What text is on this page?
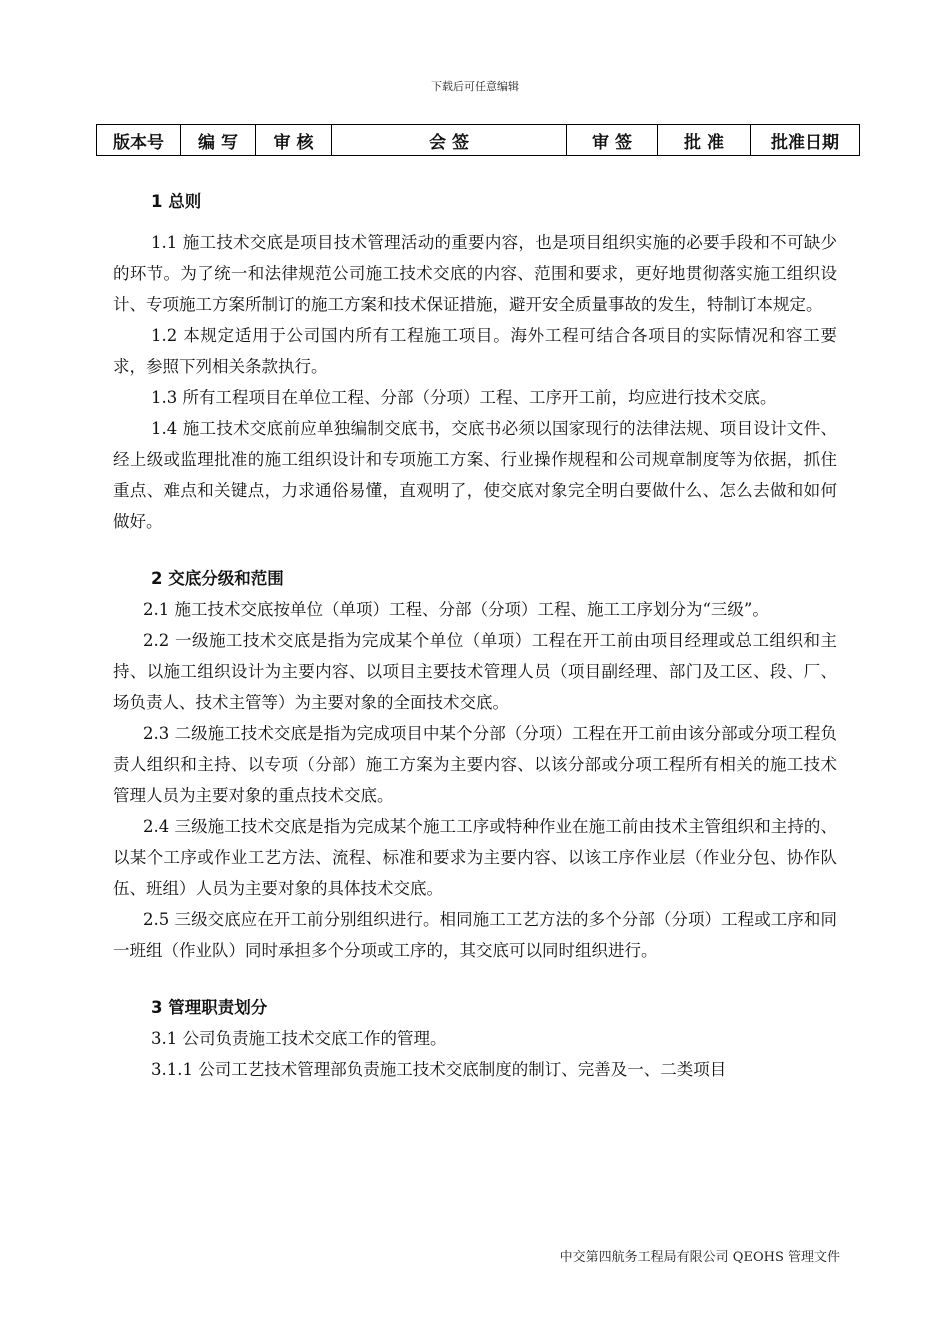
下载后可任意编辑
版本号	编 写	审 核	会 签	审 签	批 准	批准日期

1 总则

1.1 施工技术交底是项目技术管理活动的重要内容，也是项目组织实施的必要手段和不可缺少的环节。为了统一和法律规范公司施工技术交底的内容、范围和要求，更好地贯彻落实施工组织设计、专项施工方案所制订的施工方案和技术保证措施，避开安全质量事故的发生，特制订本规定。

1.2 本规定适用于公司国内所有工程施工项目。海外工程可结合各项目的实际情况和容工要求，参照下列相关条款执行。

1.3 所有工程项目在单位工程、分部（分项）工程、工序开工前，均应进行技术交底。

1.4 施工技术交底前应单独编制交底书，交底书必须以国家现行的法律法规、项目设计文件、经上级或监理批准的施工组织设计和专项施工方案、行业操作规程和公司规章制度等为依据，抓住重点、难点和关键点，力求通俗易懂，直观明了，使交底对象完全明白要做什么、怎么去做和如何做好。

2 交底分级和范围

2.1 施工技术交底按单位（单项）工程、分部（分项）工程、施工工序划分为“三级”。

2.2 一级施工技术交底是指为完成某个单位（单项）工程在开工前由项目经理或总工组织和主持、以施工组织设计为主要内容、以项目主要技术管理人员（项目副经理、部门及工区、段、厂、场负责人、技术主管等）为主要对象的全面技术交底。

2.3 二级施工技术交底是指为完成项目中某个分部（分项）工程在开工前由该分部或分项工程负责人组织和主持、以专项（分部）施工方案为主要内容、以该分部或分项工程所有相关的施工技术管理人员为主要对象的重点技术交底。

2.4 三级施工技术交底是指为完成某个施工工序或特种作业在施工前由技术主管组织和主持的、以某个工序或作业工艺方法、流程、标准和要求为主要内容、以该工序作业层（作业分包、协作队伍、班组）人员为主要对象的具体技术交底。

2.5 三级交底应在开工前分别组织进行。相同施工工艺方法的多个分部（分项）工程或工序和同一班组（作业队）同时承担多个分项或工序的，其交底可以同时组织进行。

3 管理职责划分

3.1 公司负责施工技术交底工作的管理。

3.1.1 公司工艺技术管理部负责施工技术交底制度的制订、完善及一、二类项目

中交第四航务工程局有限公司 QEOHS 管理文件
